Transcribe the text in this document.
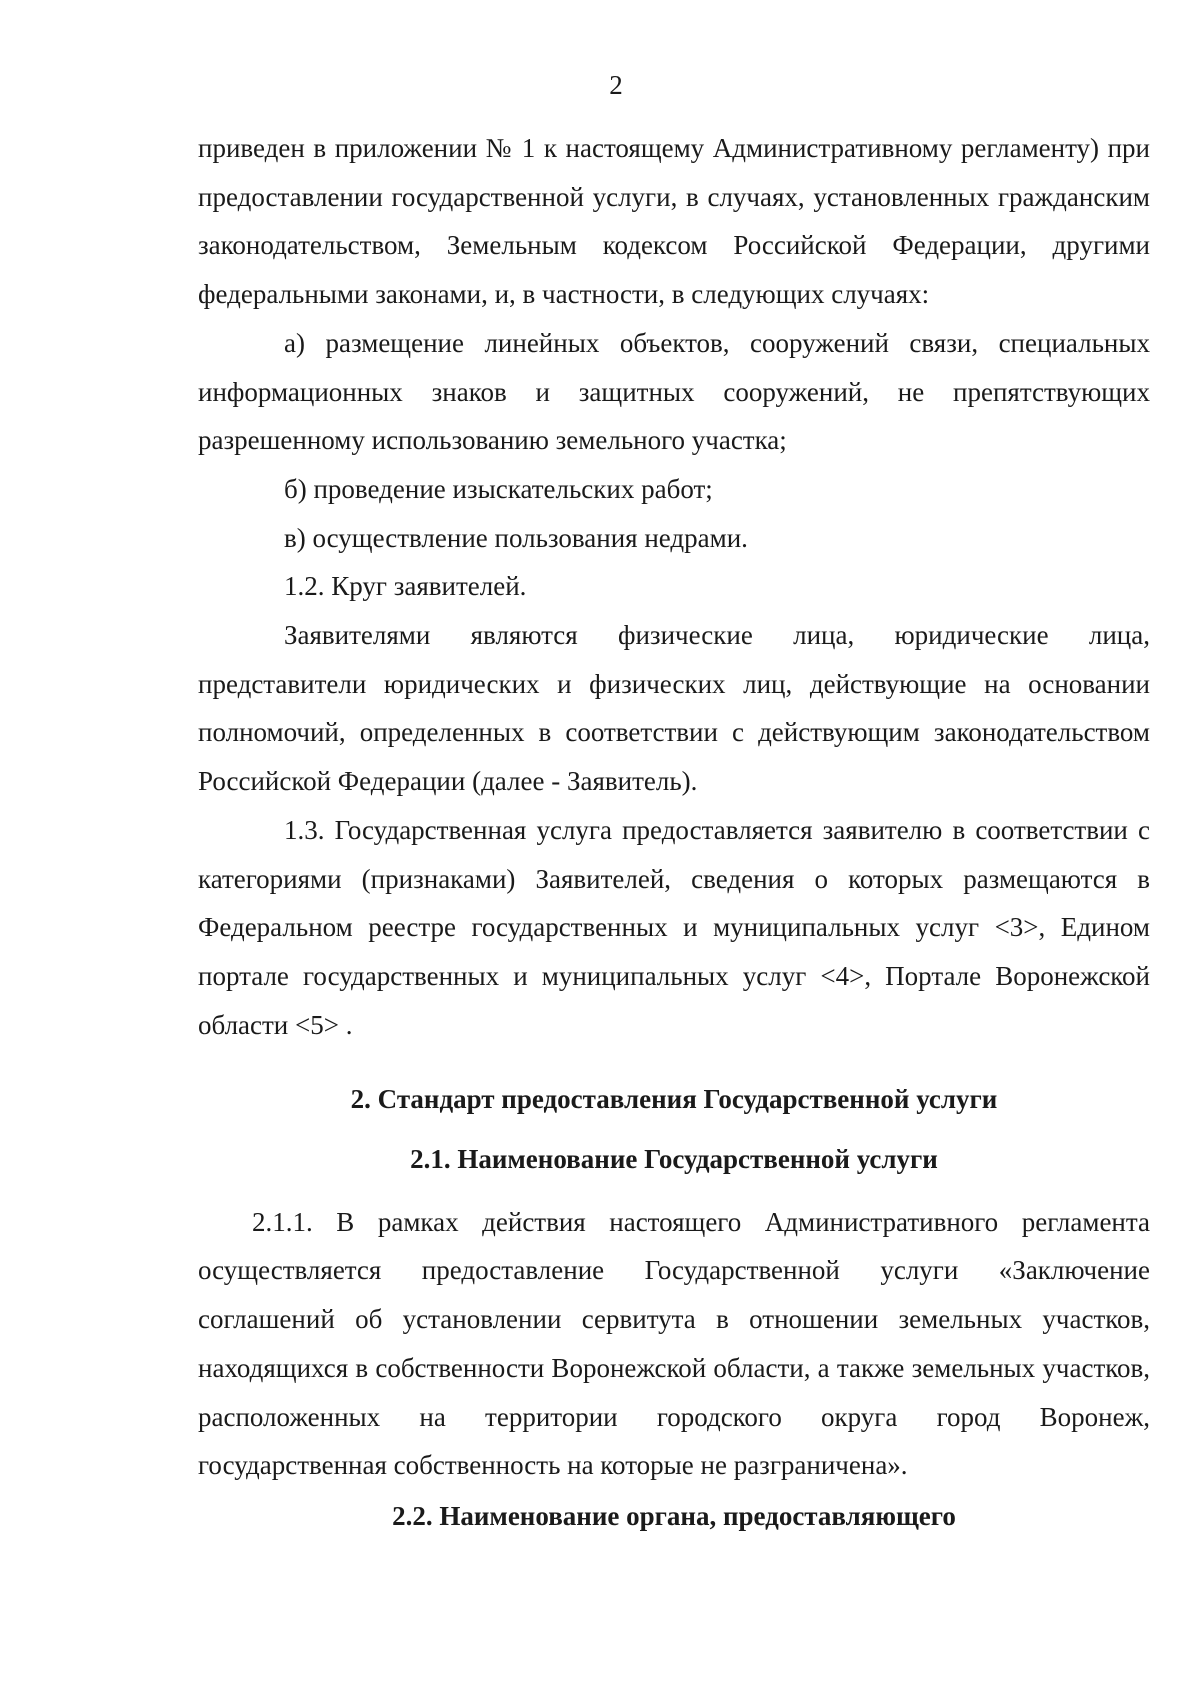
2

приведен в приложении № 1 к настоящему Административному регламенту) при предоставлении государственной услуги, в случаях, установленных гражданским законодательством, Земельным кодексом Российской Федерации, другими федеральными законами, и, в частности, в следующих случаях:

а) размещение линейных объектов, сооружений связи, специальных информационных знаков и защитных сооружений, не препятствующих разрешенному использованию земельного участка;

б) проведение изыскательских работ;

в) осуществление пользования недрами.

1.2. Круг заявителей.

Заявителями являются физические лица, юридические лица, представители юридических и физических лиц, действующие на основании полномочий, определенных в соответствии с действующим законодательством Российской Федерации (далее - Заявитель).

1.3. Государственная услуга предоставляется заявителю в соответствии с категориями (признаками) Заявителей, сведения о которых размещаются в Федеральном реестре государственных и муниципальных услуг <3>, Едином портале государственных и муниципальных услуг <4>, Портале Воронежской области <5> .

2. Стандарт предоставления Государственной услуги

2.1. Наименование Государственной услуги

2.1.1. В рамках действия настоящего Административного регламента осуществляется предоставление Государственной услуги «Заключение соглашений об установлении сервитута в отношении земельных участков, находящихся в собственности Воронежской области, а также земельных участков, расположенных на территории городского округа город Воронеж, государственная собственность на которые не разграничена».

2.2. Наименование органа, предоставляющего
